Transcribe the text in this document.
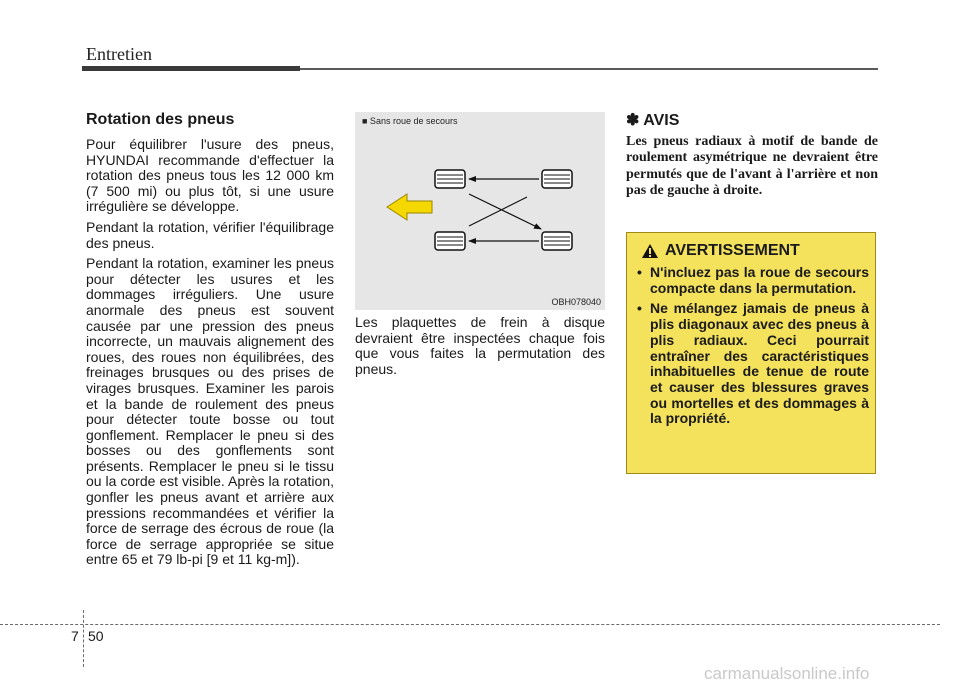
Entretien
Rotation des pneus

Pour équilibrer l'usure des pneus, HYUNDAI recommande d'effectuer la rotation des pneus tous les 12 000 km (7 500 mi) ou plus tôt, si une usure irrégulière se développe.

Pendant la rotation, vérifier l'équilibrage des pneus.

Pendant la rotation, examiner les pneus pour détecter les usures et les dommages irréguliers. Une usure anormale des pneus est souvent causée par une pression des pneus incorrecte, un mauvais alignement des roues, des roues non équilibrées, des freinages brusques ou des prises de virages brusques. Examiner les parois et la bande de roulement des pneus pour détecter toute bosse ou tout gonflement. Remplacer le pneu si des bosses ou des gonflements sont présents. Remplacer le pneu si le tissu ou la corde est visible. Après la rotation, gonfler les pneus avant et arrière aux pressions recommandées et vérifier la force de serrage des écrous de roue (la force de serrage appropriée se situe entre 65 et 79 lb-pi [9 et 11 kg-m]).

■ Sans roue de secours
OBH078040

Les plaquettes de frein à disque devraient être inspectées chaque fois que vous faites la permutation des pneus.

✽ AVIS

Les pneus radiaux à motif de bande de roulement asymétrique ne devraient être permutés que de l'avant à l'arrière et non pas de gauche à droite.

AVERTISSEMENT
• N'incluez pas la roue de secours compacte dans la permutation.
• Ne mélangez jamais de pneus à plis diagonaux avec des pneus à plis radiaux. Ceci pourrait entraîner des caractéristiques inhabituelles de tenue de route et causer des blessures graves ou mortelles et des dommages à la propriété.
7 50
carmanualsonline.info
